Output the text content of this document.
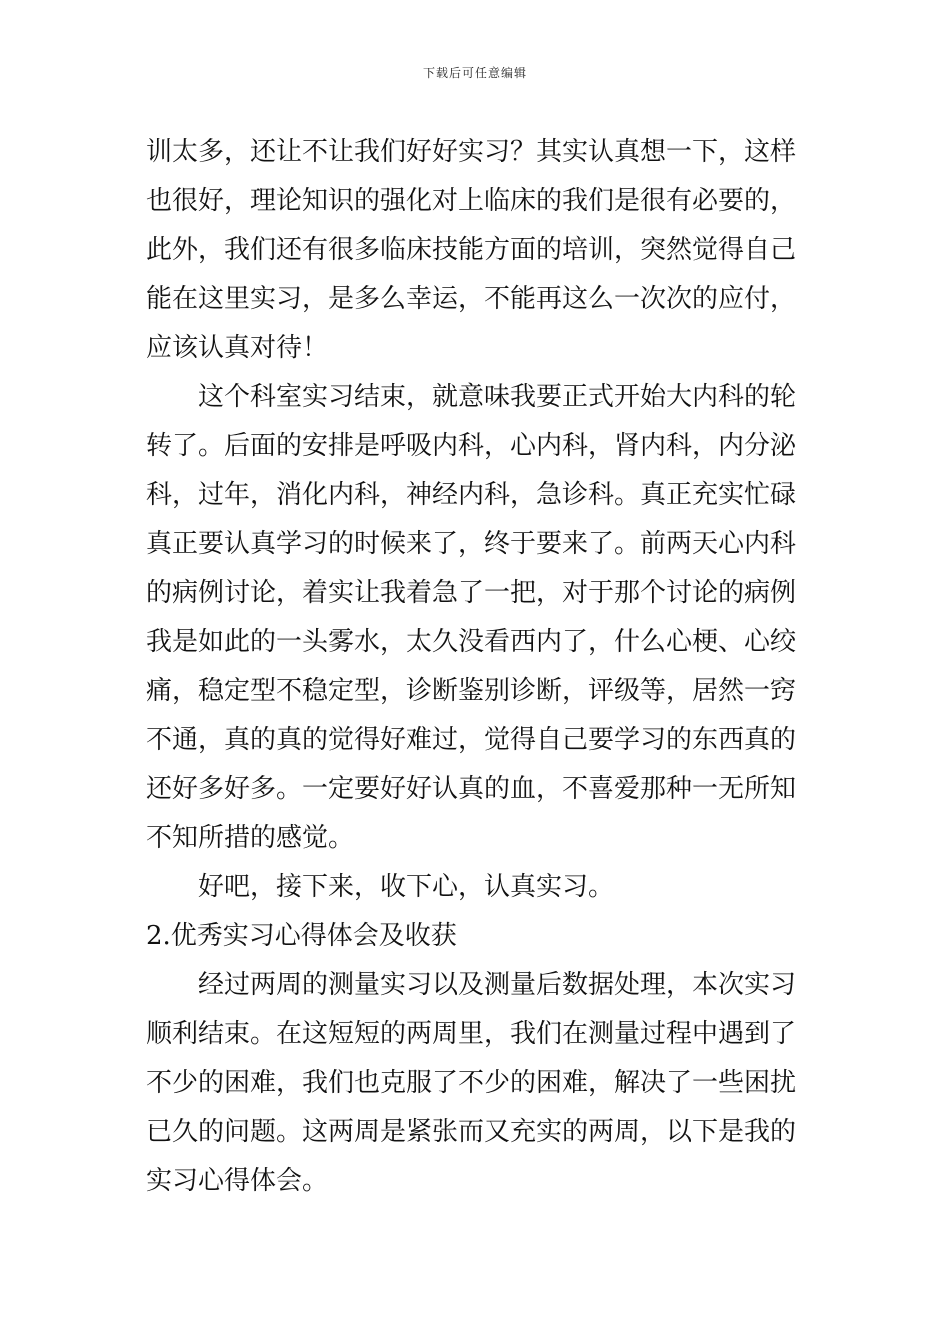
下载后可任意编辑
训太多，还让不让我们好好实习？其实认真想一下，这样
也很好，理论知识的强化对上临床的我们是很有必要的，
此外，我们还有很多临床技能方面的培训，突然觉得自己
能在这里实习，是多么幸运，不能再这么一次次的应付，
应该认真对待！
这个科室实习结束，就意味我要正式开始大内科的轮
转了。后面的安排是呼吸内科，心内科，肾内科，内分泌
科，过年，消化内科，神经内科，急诊科。真正充实忙碌
真正要认真学习的时候来了，终于要来了。前两天心内科
的病例讨论，着实让我着急了一把，对于那个讨论的病例
我是如此的一头雾水，太久没看西内了，什么心梗、心绞
痛，稳定型不稳定型，诊断鉴别诊断，评级等，居然一窍
不通，真的真的觉得好难过，觉得自己要学习的东西真的
还好多好多。一定要好好认真的血，不喜爱那种一无所知
不知所措的感觉。
好吧，接下来，收下心，认真实习。
2.优秀实习心得体会及收获
经过两周的测量实习以及测量后数据处理，本次实习
顺利结束。在这短短的两周里，我们在测量过程中遇到了
不少的困难，我们也克服了不少的困难，解决了一些困扰
已久的问题。这两周是紧张而又充实的两周，以下是我的
实习心得体会。
